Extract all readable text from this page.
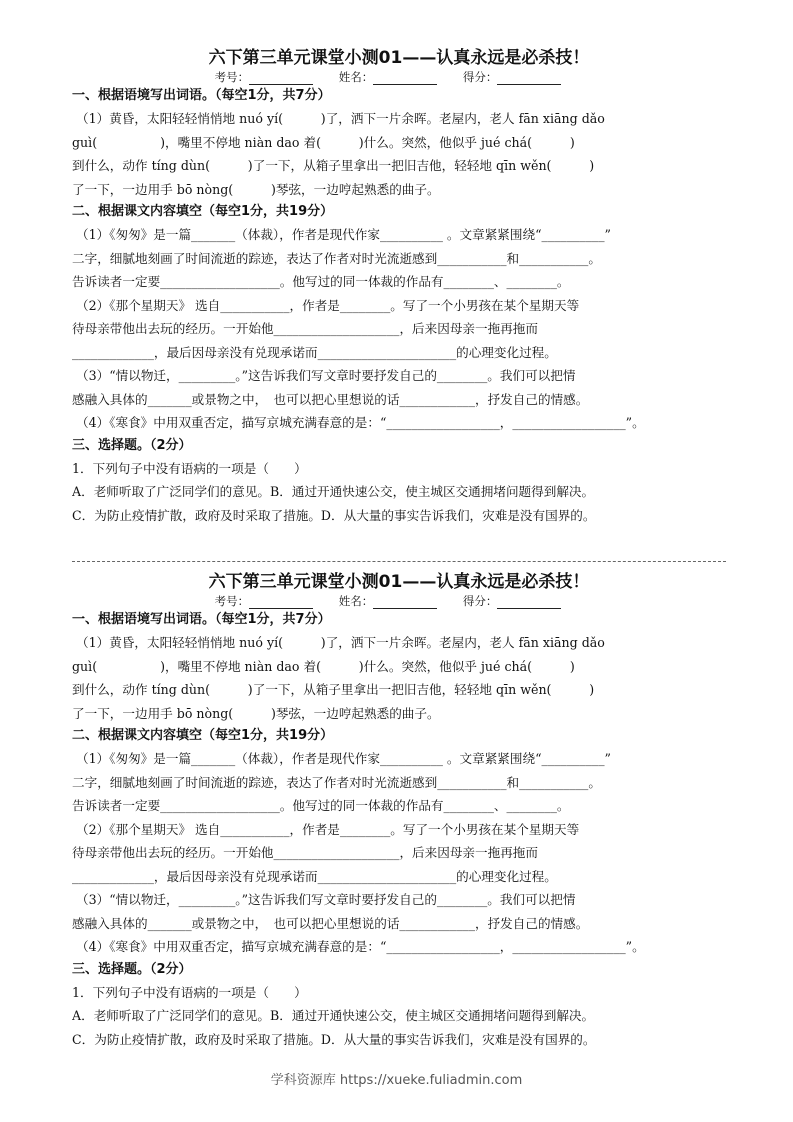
六下第三单元课堂小测01——认真永远是必杀技！
考号：	姓名：	得分：
一、根据语境写出词语。（每空1分，共7分）
（1）黄昏，太阳轻轻悄悄地 nuó yí(　　　)了，洒下一片余晖。老屋内，老人 fān xiāng dǎo
guì(　　　　　)，嘴里不停地 niàn dao 着(　　　)什么。突然，他似乎 jué chá(　　　)
到什么，动作 tíng dùn(　　　)了一下，从箱子里拿出一把旧吉他，轻轻地 qīn wěn(　　　)
了一下，一边用手 bō nòng(　　　)琴弦，一边哼起熟悉的曲子。
二、根据课文内容填空（每空1分，共19分）
（1）《匆匆》是一篇_______（体裁），作者是现代作家__________ 。文章紧紧围绕“__________”
二字，细腻地刻画了时间流逝的踪迹，表达了作者对时光流逝感到___________和___________。
告诉读者一定要___________________。他写过的同一体裁的作品有________、________。
（2）《那个星期天》 选自___________，作者是________。写了一个小男孩在某个星期天等
待母亲带他出去玩的经历。一开始他____________________，后来因母亲一拖再拖而
_____________，最后因母亲没有兑现承诺而______________________的心理变化过程。
（3）“情以物迁，_________。”这告诉我们写文章时要抒发自己的________。我们可以把情
感融入具体的_______或景物之中，　也可以把心里想说的话____________，抒发自己的情感。
（4）《寒食》中用双重否定，描写京城充满春意的是：“__________________，__________________”。
三、选择题。（2分）
1．下列句子中没有语病的一项是（　　）
A．老师听取了广泛同学们的意见。B．通过开通快速公交，使主城区交通拥堵问题得到解决。
C．为防止疫情扩散，政府及时采取了措施。D．从大量的事实告诉我们，灾难是没有国界的。
六下第三单元课堂小测01——认真永远是必杀技！
考号：	姓名：	得分：
一、根据语境写出词语。（每空1分，共7分）
（1）黄昏，太阳轻轻悄悄地 nuó yí(　　　)了，洒下一片余晖。老屋内，老人 fān xiāng dǎo
guì(　　　　　)，嘴里不停地 niàn dao 着(　　　)什么。突然，他似乎 jué chá(　　　)
到什么，动作 tíng dùn(　　　)了一下，从箱子里拿出一把旧吉他，轻轻地 qīn wěn(　　　)
了一下，一边用手 bō nòng(　　　)琴弦，一边哼起熟悉的曲子。
二、根据课文内容填空（每空1分，共19分）
（1）《匆匆》是一篇_______（体裁），作者是现代作家__________ 。文章紧紧围绕“__________”
二字，细腻地刻画了时间流逝的踪迹，表达了作者对时光流逝感到___________和___________。
告诉读者一定要___________________。他写过的同一体裁的作品有________、________。
（2）《那个星期天》 选自___________，作者是________。写了一个小男孩在某个星期天等
待母亲带他出去玩的经历。一开始他____________________，后来因母亲一拖再拖而
_____________，最后因母亲没有兑现承诺而______________________的心理变化过程。
（3）“情以物迁，_________。”这告诉我们写文章时要抒发自己的________。我们可以把情
感融入具体的_______或景物之中，　也可以把心里想说的话____________，抒发自己的情感。
（4）《寒食》中用双重否定，描写京城充满春意的是：“__________________，__________________”。
三、选择题。（2分）
1．下列句子中没有语病的一项是（　　）
A．老师听取了广泛同学们的意见。B．通过开通快速公交，使主城区交通拥堵问题得到解决。
C．为防止疫情扩散，政府及时采取了措施。D．从大量的事实告诉我们，灾难是没有国界的。
学科资源库 https://xueke.fuliadmin.com
